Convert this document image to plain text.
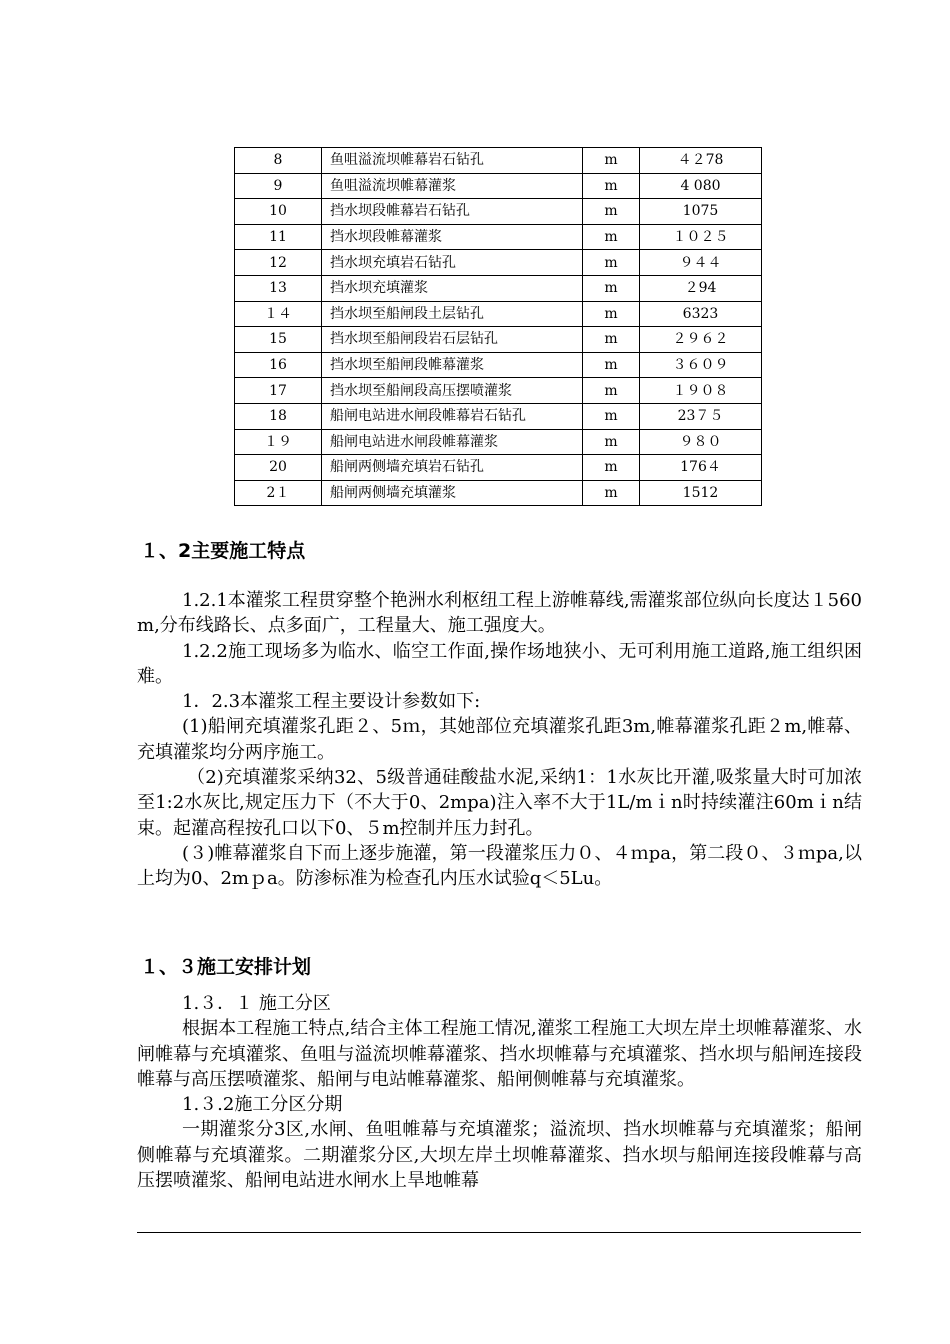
8	鱼咀溢流坝帷幕岩石钻孔	m	４２78
9	鱼咀溢流坝帷幕灌浆	m	4 080
10	挡水坝段帷幕岩石钻孔	m	1075
11	挡水坝段帷幕灌浆	m	１０２５
12	挡水坝充填岩石钻孔	m	９４４
13	挡水坝充填灌浆	m	２94
１４	挡水坝至船闸段土层钻孔	m	6323
15	挡水坝至船闸段岩石层钻孔	m	２９６２
16	挡水坝至船闸段帷幕灌浆	m	３６０９
17	挡水坝至船闸段高压摆喷灌浆	m	１９０８
18	船闸电站进水闸段帷幕岩石钻孔	m	23７５
１９	船闸电站进水闸段帷幕灌浆	m	９８０
20	船闸两侧墙充填岩石钻孔	m	176４
2１	船闸两侧墙充填灌浆	m	1512
１、2主要施工特点

1.2.1本灌浆工程贯穿整个艳洲水利枢纽工程上游帷幕线,需灌浆部位纵向长度达１560 m,分布线路长、点多面广，工程量大、施工强度大。

1.2.2施工现场多为临水、临空工作面,操作场地狭小、无可利用施工道路,施工组织困难。

1．2.3本灌浆工程主要设计参数如下:

(1)船闸充填灌浆孔距２、5ｍ，其她部位充填灌浆孔距3m,帷幕灌浆孔距２m,帷幕、充填灌浆均分两序施工。

（2)充填灌浆采纳32、5级普通硅酸盐水泥,采纳1：1水灰比开灌,吸浆量大时可加浓至1:2水灰比,规定压力下（不大于0、2mpa)注入率不大于1L/mｉn时持续灌注60mｉn结束。起灌高程按孔口以下0、５m控制并压力封孔。

(３)帷幕灌浆自下而上逐步施灌，第一段灌浆压力０、４ｍpa，第二段０、３ｍpa,以上均为0、2mｐa。防渗标准为检查孔内压水试验q＜5Lu。

１、３施工安排计划

1.３．１ 施工分区

根据本工程施工特点,结合主体工程施工情况,灌浆工程施工大坝左岸土坝帷幕灌浆、水闸帷幕与充填灌浆、鱼咀与溢流坝帷幕灌浆、挡水坝帷幕与充填灌浆、挡水坝与船闸连接段帷幕与高压摆喷灌浆、船闸与电站帷幕灌浆、船闸侧帷幕与充填灌浆。

1.３.2施工分区分期

一期灌浆分3区,水闸、鱼咀帷幕与充填灌浆；溢流坝、挡水坝帷幕与充填灌浆；船闸侧帷幕与充填灌浆。二期灌浆分区,大坝左岸土坝帷幕灌浆、挡水坝与船闸连接段帷幕与高压摆喷灌浆、船闸电站进水闸水上旱地帷幕
